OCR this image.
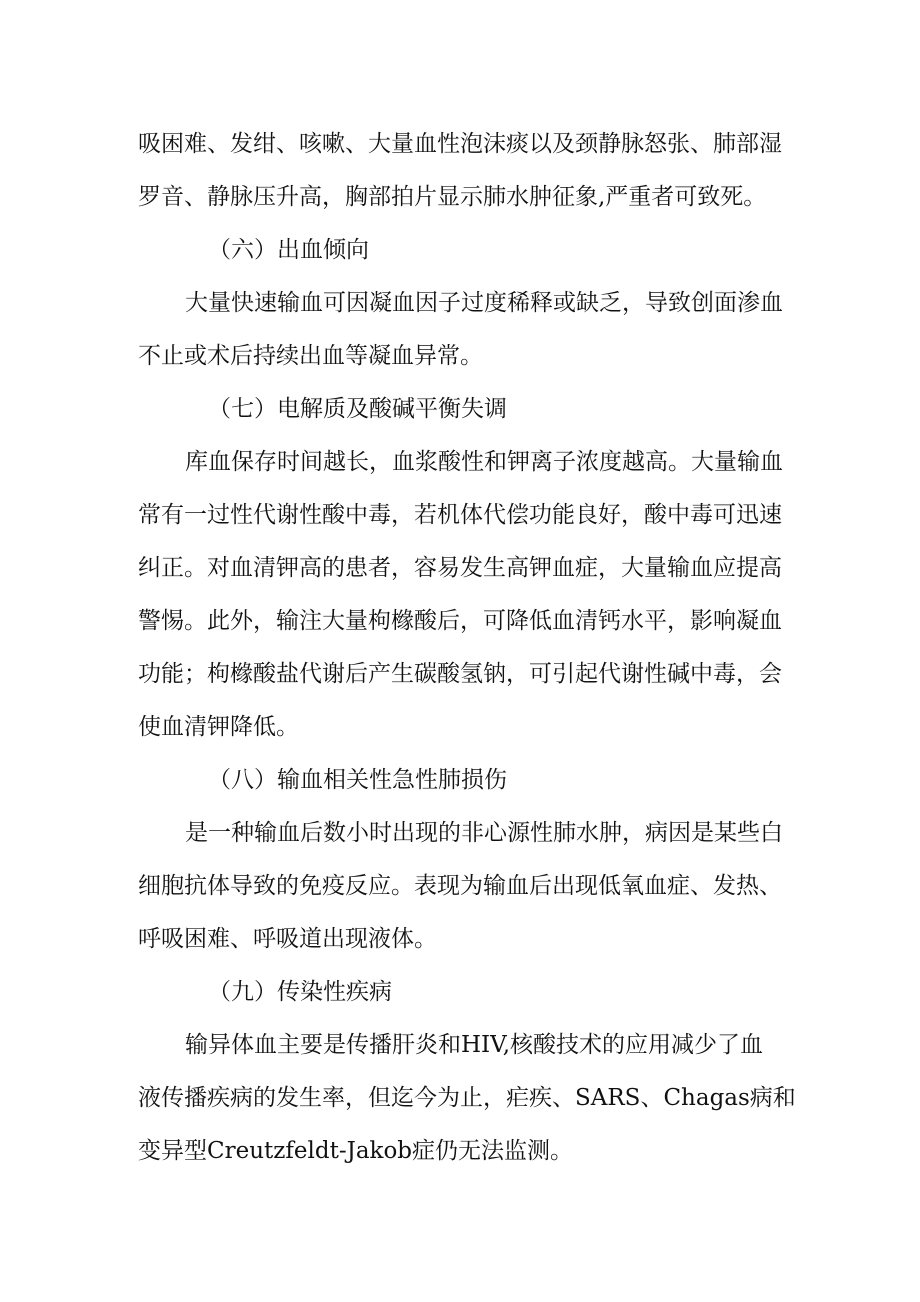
吸困难、发绀、咳嗽、大量血性泡沫痰以及颈静脉怒张、肺部湿
罗音、静脉压升高，胸部拍片显示肺水肿征象,严重者可致死。
（六）出血倾向
大量快速输血可因凝血因子过度稀释或缺乏，导致创面渗血
不止或术后持续出血等凝血异常。
（七）电解质及酸碱平衡失调
库血保存时间越长，血浆酸性和钾离子浓度越高。大量输血
常有一过性代谢性酸中毒，若机体代偿功能良好，酸中毒可迅速
纠正。对血清钾高的患者，容易发生高钾血症，大量输血应提高
警惕。此外，输注大量枸橼酸后，可降低血清钙水平，影响凝血
功能；枸橼酸盐代谢后产生碳酸氢钠，可引起代谢性碱中毒，会
使血清钾降低。
（八）输血相关性急性肺损伤
是一种输血后数小时出现的非心源性肺水肿，病因是某些白
细胞抗体导致的免疫反应。表现为输血后出现低氧血症、发热、
呼吸困难、呼吸道出现液体。
（九）传染性疾病
输异体血主要是传播肝炎和HIV,核酸技术的应用减少了血
液传播疾病的发生率，但迄今为止，疟疾、SARS、Chagas病和
变异型Creutzfeldt-Jakob症仍无法监测。
